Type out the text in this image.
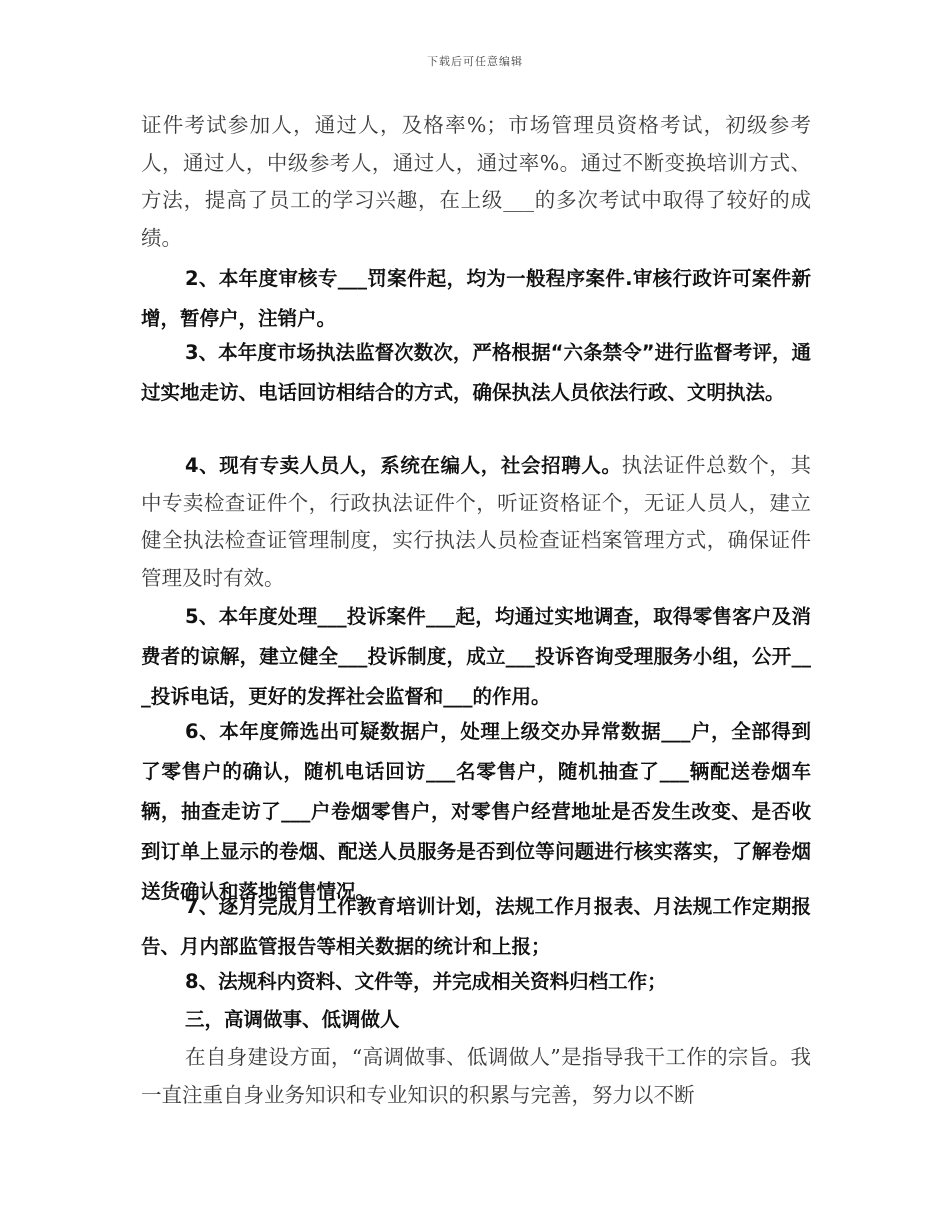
下载后可任意编辑

证件考试参加人，通过人，及格率%；市场管理员资格考试，初级参考人，通过人，中级参考人，通过人，通过率%。通过不断变换培训方式、方法，提高了员工的学习兴趣，在上级___的多次考试中取得了较好的成绩。

2、本年度审核专___罚案件起，均为一般程序案件.审核行政许可案件新增，暂停户，注销户。

3、本年度市场执法监督次数次，严格根据“六条禁令”进行监督考评，通过实地走访、电话回访相结合的方式，确保执法人员依法行政、文明执法。

4、现有专卖人员人，系统在编人，社会招聘人。执法证件总数个，其中专卖检查证件个，行政执法证件个，听证资格证个，无证人员人，建立健全执法检查证管理制度，实行执法人员检查证档案管理方式，确保证件管理及时有效。

5、本年度处理___投诉案件___起，均通过实地调查，取得零售客户及消费者的谅解，建立健全___投诉制度，成立___投诉咨询受理服务小组，公开___投诉电话，更好的发挥社会监督和___的作用。

6、本年度筛选出可疑数据户，处理上级交办异常数据___户，全部得到了零售户的确认，随机电话回访___名零售户，随机抽查了___辆配送卷烟车辆，抽查走访了___户卷烟零售户，对零售户经营地址是否发生改变、是否收到订单上显示的卷烟、配送人员服务是否到位等问题进行核实落实，了解卷烟送货确认和落地销售情况。

7、逐月完成月工作教育培训计划，法规工作月报表、月法规工作定期报告、月内部监管报告等相关数据的统计和上报；

8、法规科内资料、文件等，并完成相关资料归档工作；

三，高调做事、低调做人

在自身建设方面，“高调做事、低调做人”是指导我干工作的宗旨。我一直注重自身业务知识和专业知识的积累与完善，努力以不断
